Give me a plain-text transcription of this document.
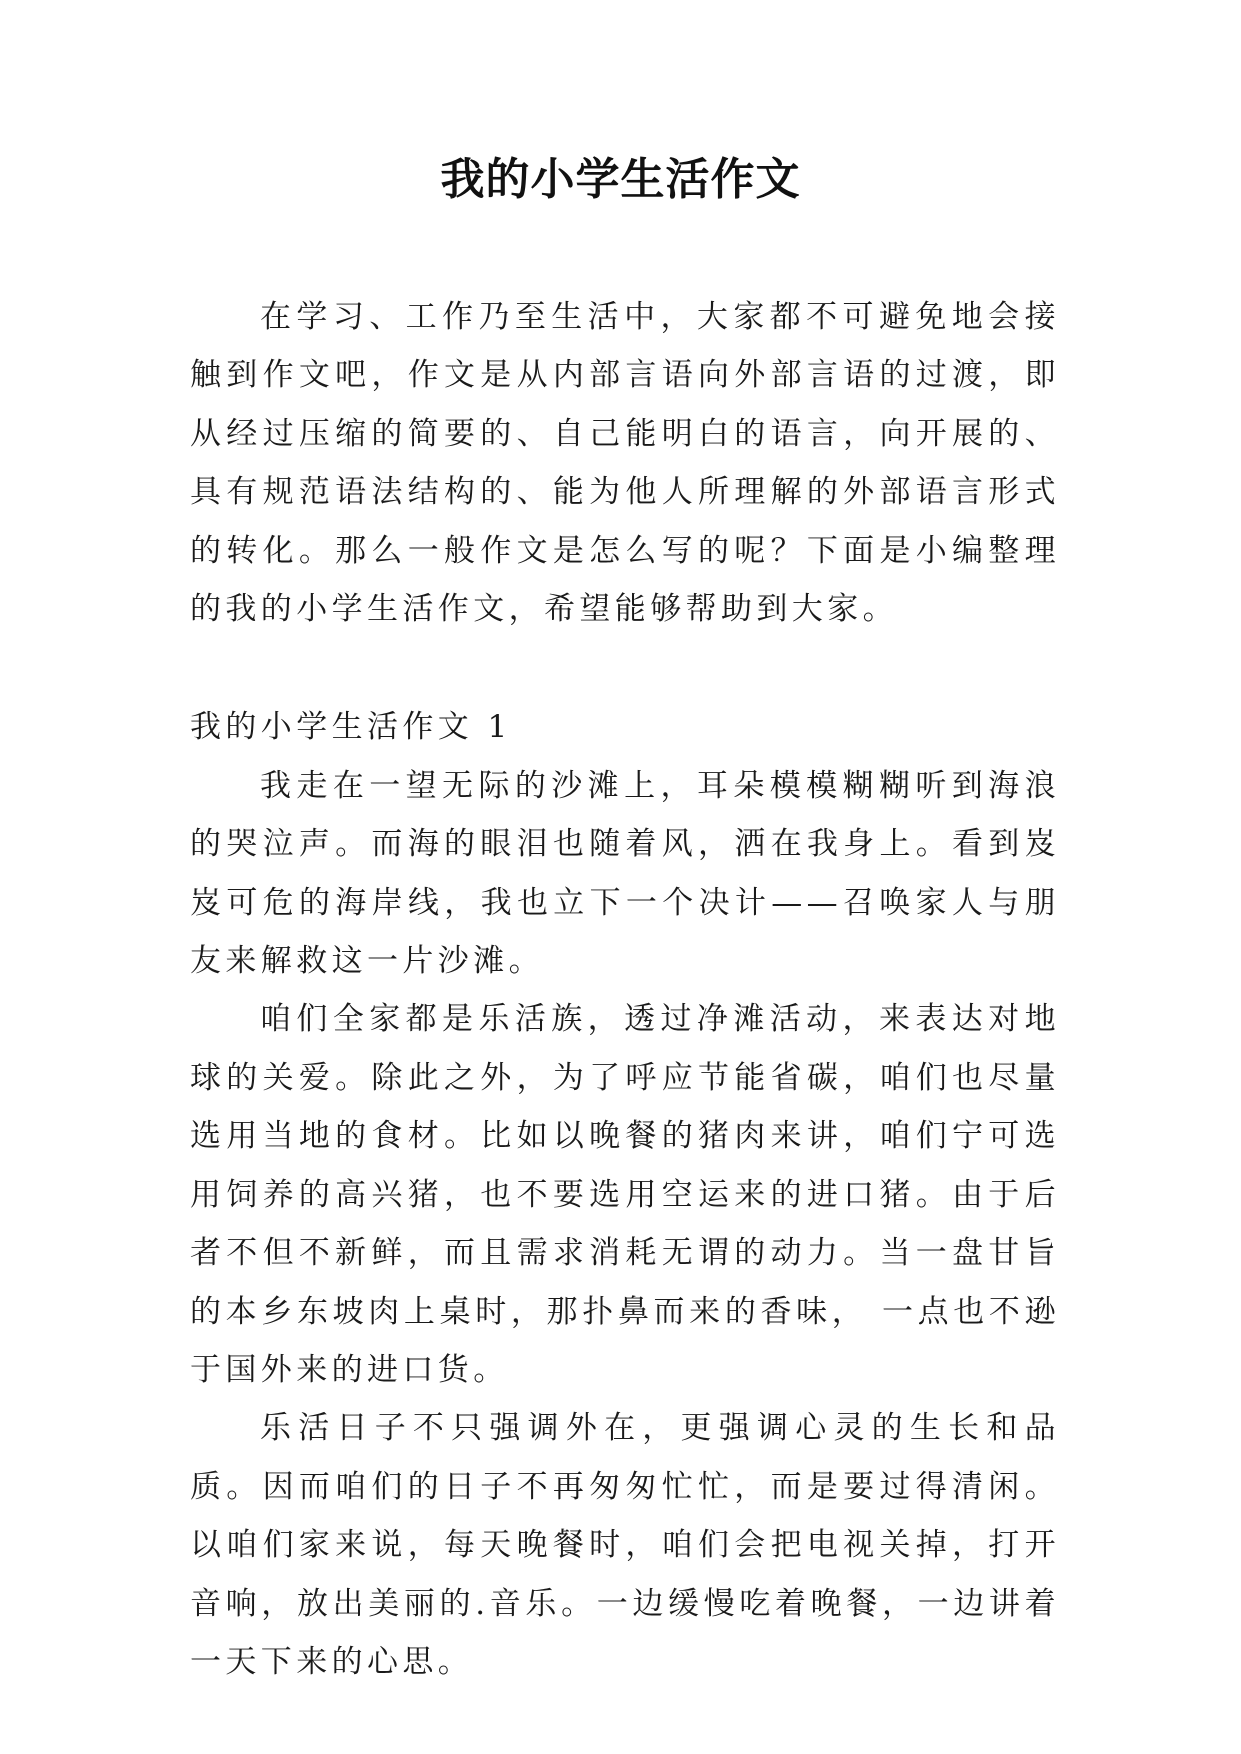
我的小学生活作文

在学习、工作乃至生活中，大家都不可避免地会接触到作文吧，作文是从内部言语向外部言语的过渡，即从经过压缩的简要的、自己能明白的语言，向开展的、具有规范语法结构的、能为他人所理解的外部语言形式的转化。那么一般作文是怎么写的呢？下面是小编整理的我的小学生活作文，希望能够帮助到大家。

我的小学生活作文 1

我走在一望无际的沙滩上，耳朵模模糊糊听到海浪的哭泣声。而海的眼泪也随着风，洒在我身上。看到岌岌可危的海岸线，我也立下一个决计——召唤家人与朋友来解救这一片沙滩。

咱们全家都是乐活族，透过净滩活动，来表达对地球的关爱。除此之外，为了呼应节能省碳，咱们也尽量选用当地的食材。比如以晚餐的猪肉来讲，咱们宁可选用饲养的高兴猪，也不要选用空运来的进口猪。由于后者不但不新鲜，而且需求消耗无谓的动力。当一盘甘旨的本乡东坡肉上桌时，那扑鼻而来的香味， 一点也不逊于国外来的进口货。

乐活日子不只强调外在，更强调心灵的生长和品质。因而咱们的日子不再匆匆忙忙，而是要过得清闲。以咱们家来说，每天晚餐时，咱们会把电视关掉，打开音响，放出美丽的.音乐。一边缓慢吃着晚餐，一边讲着一天下来的心思。
